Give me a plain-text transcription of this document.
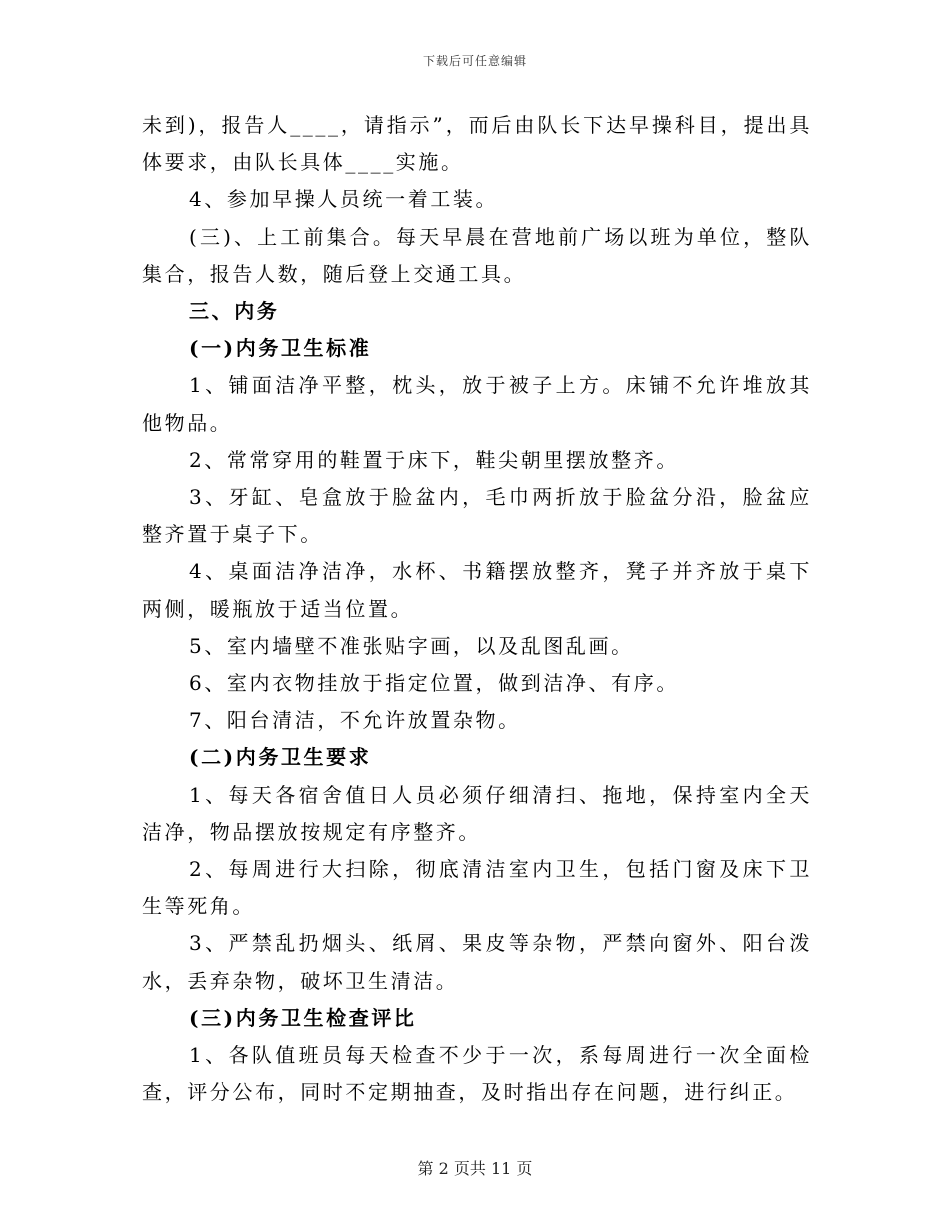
下载后可任意编辑

未到)，报告人____，请指示”，而后由队长下达早操科目，提出具体要求，由队长具体____实施。

4、参加早操人员统一着工装。

(三)、上工前集合。每天早晨在营地前广场以班为单位，整队集合，报告人数，随后登上交通工具。

三、内务

(一)内务卫生标准

1、铺面洁净平整，枕头，放于被子上方。床铺不允许堆放其他物品。

2、常常穿用的鞋置于床下，鞋尖朝里摆放整齐。

3、牙缸、皂盒放于脸盆内，毛巾两折放于脸盆分沿，脸盆应整齐置于桌子下。

4、桌面洁净洁净，水杯、书籍摆放整齐，凳子并齐放于桌下两侧，暖瓶放于适当位置。

5、室内墙壁不准张贴字画，以及乱图乱画。

6、室内衣物挂放于指定位置，做到洁净、有序。

7、阳台清洁，不允许放置杂物。

(二)内务卫生要求

1、每天各宿舍值日人员必须仔细清扫、拖地，保持室内全天洁净，物品摆放按规定有序整齐。

2、每周进行大扫除，彻底清洁室内卫生，包括门窗及床下卫生等死角。

3、严禁乱扔烟头、纸屑、果皮等杂物，严禁向窗外、阳台泼水，丢弃杂物，破坏卫生清洁。

(三)内务卫生检查评比

1、各队值班员每天检查不少于一次，系每周进行一次全面检查，评分公布，同时不定期抽查，及时指出存在问题，进行纠正。

第 2 页共 11 页
